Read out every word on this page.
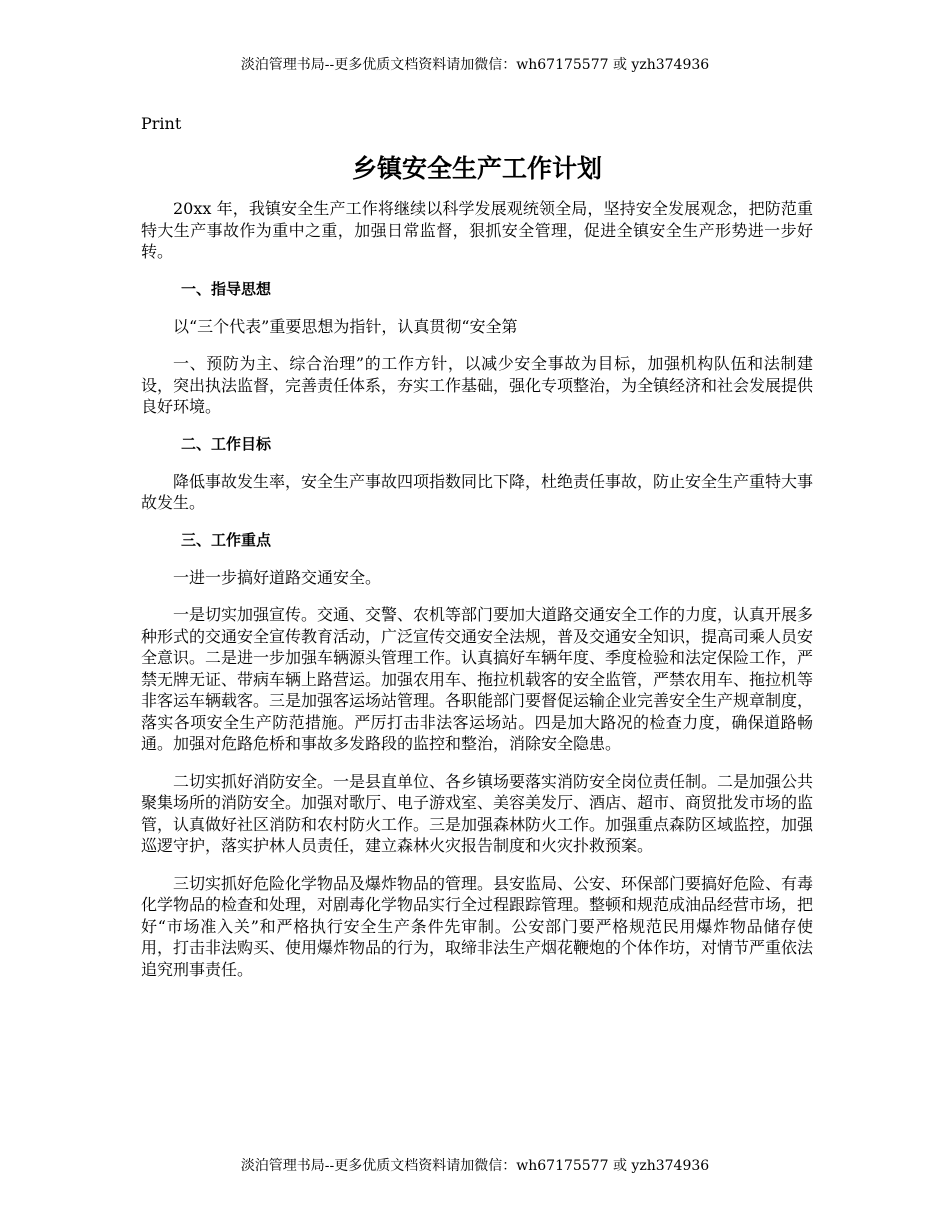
淡泊管理书局--更多优质文档资料请加微信：wh67175577 或 yzh374936
Print
乡镇安全生产工作计划

20xx 年，我镇安全生产工作将继续以科学发展观统领全局，坚持安全发展观念，把防范重特大生产事故作为重中之重，加强日常监督，狠抓安全管理，促进全镇安全生产形势进一步好转。

一、指导思想

以“三个代表”重要思想为指针，认真贯彻“安全第

一、预防为主、综合治理”的工作方针，以减少安全事故为目标，加强机构队伍和法制建设，突出执法监督，完善责任体系，夯实工作基础，强化专项整治，为全镇经济和社会发展提供良好环境。

二、工作目标

降低事故发生率，安全生产事故四项指数同比下降，杜绝责任事故，防止安全生产重特大事故发生。

三、工作重点

一进一步搞好道路交通安全。

一是切实加强宣传。交通、交警、农机等部门要加大道路交通安全工作的力度，认真开展多种形式的交通安全宣传教育活动，广泛宣传交通安全法规，普及交通安全知识，提高司乘人员安全意识。二是进一步加强车辆源头管理工作。认真搞好车辆年度、季度检验和法定保险工作，严禁无牌无证、带病车辆上路营运。加强农用车、拖拉机载客的安全监管，严禁农用车、拖拉机等非客运车辆载客。三是加强客运场站管理。各职能部门要督促运输企业完善安全生产规章制度，落实各项安全生产防范措施。严厉打击非法客运场站。四是加大路况的检查力度，确保道路畅通。加强对危路危桥和事故多发路段的监控和整治，消除安全隐患。

二切实抓好消防安全。一是县直单位、各乡镇场要落实消防安全岗位责任制。二是加强公共聚集场所的消防安全。加强对歌厅、电子游戏室、美容美发厅、酒店、超市、商贸批发市场的监管，认真做好社区消防和农村防火工作。三是加强森林防火工作。加强重点森防区域监控，加强巡逻守护，落实护林人员责任，建立森林火灾报告制度和火灾扑救预案。

三切实抓好危险化学物品及爆炸物品的管理。县安监局、公安、环保部门要搞好危险、有毒化学物品的检查和处理，对剧毒化学物品实行全过程跟踪管理。整顿和规范成油品经营市场，把好“市场准入关”和严格执行安全生产条件先审制。公安部门要严格规范民用爆炸物品储存使用，打击非法购买、使用爆炸物品的行为，取缔非法生产烟花鞭炮的个体作坊，对情节严重依法追究刑事责任。

淡泊管理书局--更多优质文档资料请加微信：wh67175577 或 yzh374936
